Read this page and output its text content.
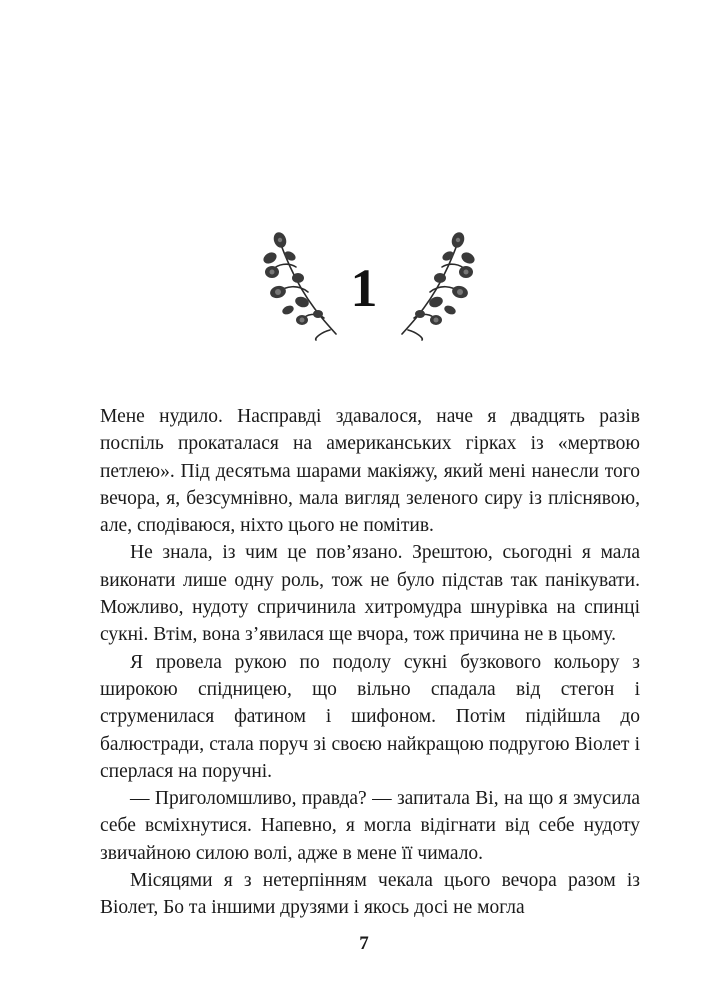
1

Мене нудило. Насправді здавалося, наче я двадцять разів поспіль прокаталася на американських гірках із «мертвою петлею». Під десятьма шарами макіяжу, який мені нанесли того вечора, я, безсумнівно, мала вигляд зеленого сиру із пліснявою, але, сподіваюся, ніхто цього не помітив.

Не знала, із чим це пов’язано. Зрештою, сьогодні я мала виконати лише одну роль, тож не було підстав так панікувати. Можливо, нудоту спричинила хитромудра шнурівка на спинці сукні. Втім, вона з’явилася ще вчора, тож причина не в цьому.

Я провела рукою по подолу сукні бузкового кольору з широкою спідницею, що вільно спадала від стегон і струменилася фатином і шифоном. Потім підійшла до балюстради, стала поруч зі своєю найкращою подругою Віолет і сперлася на поручні.

— Приголомшливо, правда? — запитала Ві, на що я змусила себе всміхнутися. Напевно, я могла відігнати від себе нудоту звичайною силою волі, адже в мене її чимало.

Місяцями я з нетерпінням чекала цього вечора разом із Віолет, Бо та іншими друзями і якось досі не могла

7
